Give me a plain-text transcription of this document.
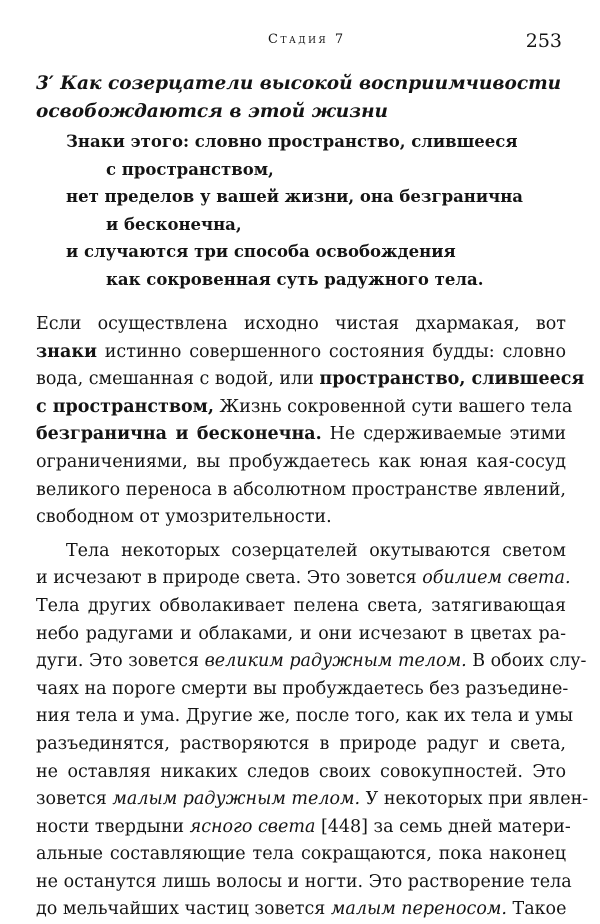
Стадия 7	253
3′ Как созерцатели высокой восприимчивости
освобождаются в этой жизни
Знаки этого: словно пространство, слившееся
с пространством,
нет пределов у вашей жизни, она безгранична
и бесконечна,
и случаются три способа освобождения
как сокровенная суть радужного тела.
Если осуществлена исходно чистая дхармакая, вот
знаки истинно совершенного состояния будды: словно
вода, смешанная с водой, или пространство, слившееся
с пространством, Жизнь сокровенной сути вашего тела
безгранична и бесконечна. Не сдерживаемые этими
ограничениями, вы пробуждаетесь как юная кая-сосуд
великого переноса в абсолютном пространстве явлений,
свободном от умозрительности.
Тела некоторых созерцателей окутываются светом
и исчезают в природе света. Это зовется обилием света.
Тела других обволакивает пелена света, затягивающая
небо радугами и облаками, и они исчезают в цветах ра-
дуги. Это зовется великим радужным телом. В обоих слу-
чаях на пороге смерти вы пробуждаетесь без разъедине-
ния тела и ума. Другие же, после того, как их тела и умы
разъединятся, растворяются в природе радуг и света,
не оставляя никаких следов своих совокупностей. Это
зовется малым радужным телом. У некоторых при явлен-
ности твердыни ясного света [448] за семь дней матери-
альные составляющие тела сокращаются, пока наконец
не останутся лишь волосы и ногти. Это растворение тела
до мельчайших частиц зовется малым переносом. Такое
